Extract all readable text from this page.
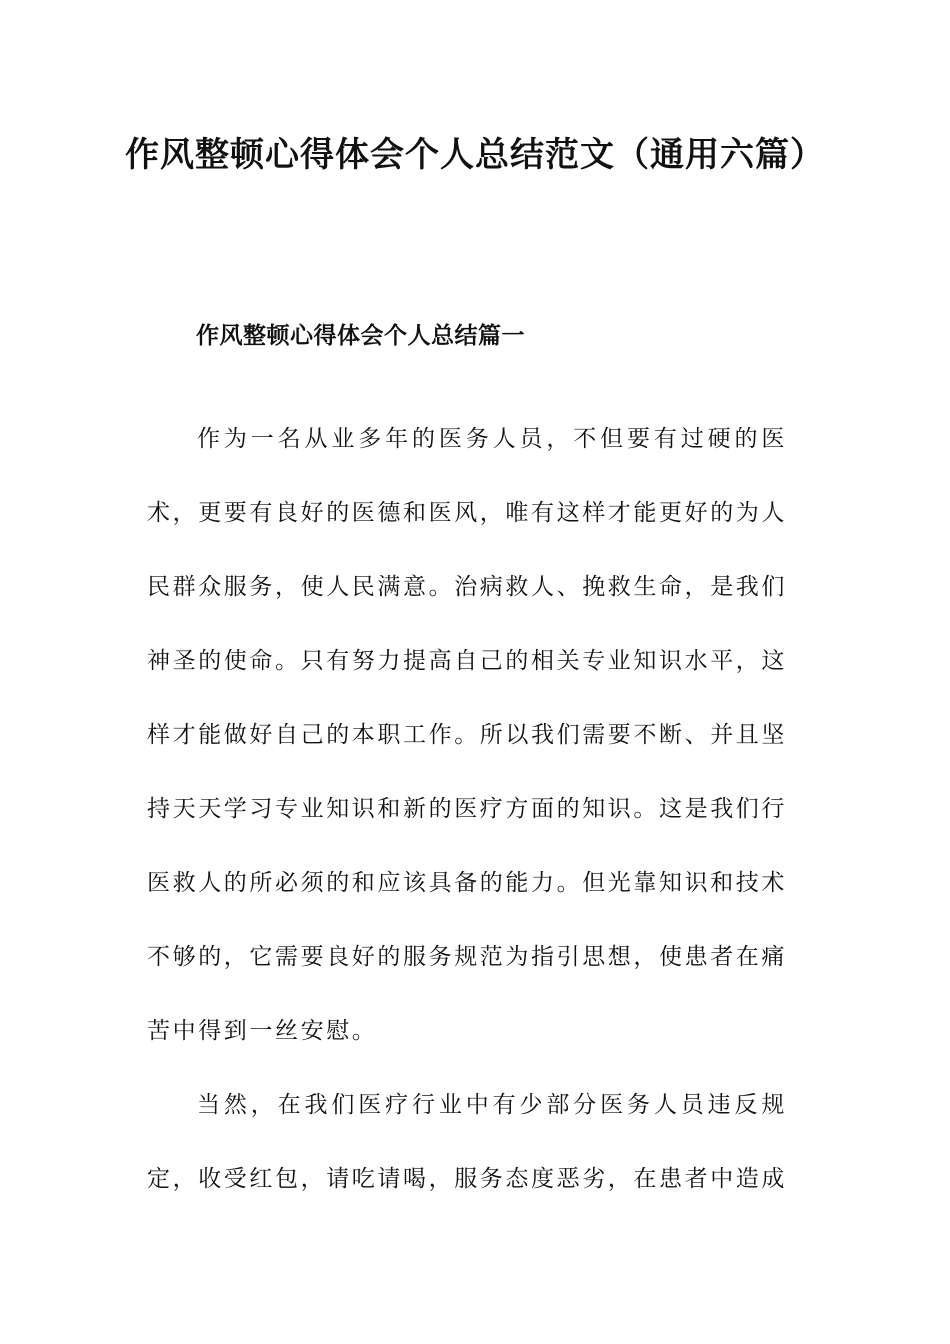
作风整顿心得体会个人总结范文（通用六篇）
作风整顿心得体会个人总结篇一

作为一名从业多年的医务人员，不但要有过硬的医术，更要有良好的医德和医风，唯有这样才能更好的为人民群众服务，使人民满意。治病救人、挽救生命，是我们神圣的使命。只有努力提高自己的相关专业知识水平，这样才能做好自己的本职工作。所以我们需要不断、并且坚持天天学习专业知识和新的医疗方面的知识。这是我们行医救人的所必须的和应该具备的能力。但光靠知识和技术不够的，它需要良好的服务规范为指引思想，使患者在痛苦中得到一丝安慰。

当然，在我们医疗行业中有少部分医务人员违反规定，收受红包，请吃请喝，服务态度恶劣，在患者中造成
